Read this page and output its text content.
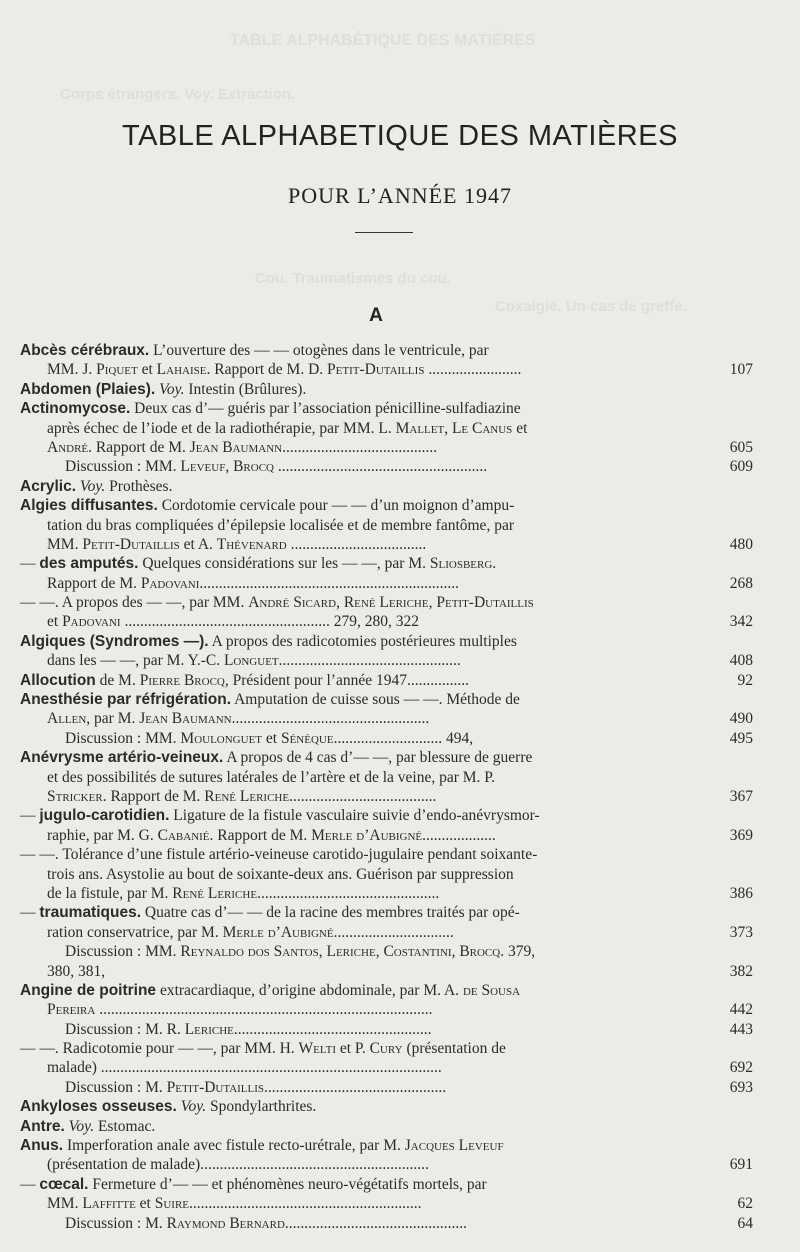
TABLE ALPHABÉTIQUE DES MATIÈRES
Corps étrangers. Voy. Extraction.
Cou. Traumatismes du cou.
Coxalgie. Un cas de greffe.
TABLE ALPHABETIQUE DES MATIÈRES
POUR L’ANNÉE 1947
A
Abcès cérébraux. L’ouverture des — — otogènes dans le ventricule, par
MM. J. Piquet et Lahaise. Rapport de M. D. Petit-Dutaillis ........................	107
Abdomen (Plaies). Voy. Intestin (Brûlures).
Actinomycose. Deux cas d’— guéris par l’association pénicilline-sulfadiazine
après échec de l’iode et de la radiothérapie, par MM. L. Mallet, Le Canus et
André. Rapport de M. Jean Baumann........................................	605
Discussion : MM. Leveuf, Brocq ......................................................	609
Acrylic. Voy. Prothèses.
Algies diffusantes. Cordotomie cervicale pour — — d’un moignon d’ampu-
tation du bras compliquées d’épilepsie localisée et de membre fantôme, par
MM. Petit-Dutaillis et A. Thévenard ...................................	480
— des amputés. Quelques considérations sur les — —, par M. Sliosberg.
Rapport de M. Padovani...................................................................	268
— —. A propos des — —, par MM. André Sicard, René Leriche, Petit-Dutaillis
et Padovani ..................................................... 279, 280, 322	342
Algiques (Syndromes —). A propos des radicotomies postérieures multiples
dans les — —, par M. Y.-C. Longuet...............................................	408
Allocution de M. Pierre Brocq, Président pour l’année 1947................	92
Anesthésie par réfrigération. Amputation de cuisse sous — —. Méthode de
Allen, par M. Jean Baumann...................................................	490
Discussion : MM. Moulonguet et Sénèque............................ 494,	495
Anévrysme artério-veineux. A propos de 4 cas d’— —, par blessure de guerre
et des possibilités de sutures latérales de l’artère et de la veine, par M. P.
Stricker. Rapport de M. René Leriche......................................	367
— jugulo-carotidien. Ligature de la fistule vasculaire suivie d’endo-anévrysmor-
raphie, par M. G. Cabanié. Rapport de M. Merle d’Aubigné...................	369
— —. Tolérance d’une fistule artério-veineuse carotido-jugulaire pendant soixante-
trois ans. Asystolie au bout de soixante-deux ans. Guérison par suppression
de la fistule, par M. René Leriche...............................................	386
— traumatiques. Quatre cas d’— — de la racine des membres traités par opé-
ration conservatrice, par M. Merle d’Aubigné...............................	373
Discussion : MM. Reynaldo dos Santos, Leriche, Costantini, Brocq. 379,
380, 381,	382
Angine de poitrine extracardiaque, d’origine abdominale, par M. A. de Sousa
Pereira ......................................................................................	442
Discussion : M. R. Leriche...................................................	443
— —. Radicotomie pour — —, par MM. H. Welti et P. Cury (présentation de
malade) ........................................................................................	692
Discussion : M. Petit-Dutaillis...............................................	693
Ankyloses osseuses. Voy. Spondylarthrites.
Antre. Voy. Estomac.
Anus. Imperforation anale avec fistule recto-urétrale, par M. Jacques Leveuf
(présentation de malade)...........................................................	691
— cœcal. Fermeture d’— — et phénomènes neuro-végétatifs mortels, par
MM. Laffitte et Suire............................................................	62
Discussion : M. Raymond Bernard...............................................	64
